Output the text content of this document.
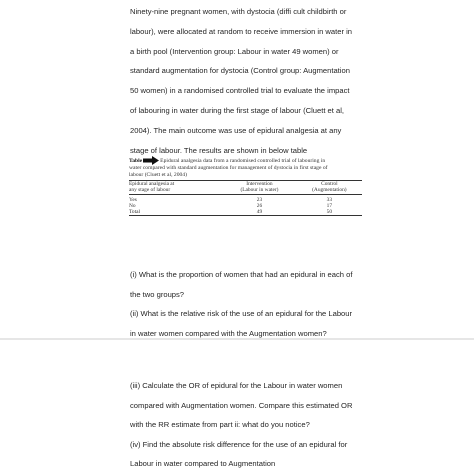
Ninety-nine pregnant women, with dystocia (diffi cult childbirth or
labour), were allocated at random to receive immersion in water in
a birth pool (Intervention group: Labour in water 49 women) or
standard augmentation for dystocia (Control group: Augmentation
50 women) in a randomised controlled trial to evaluate the impact
of labouring in water during the first stage of labour (Cluett et al,
2004). The main outcome was use of epidural analgesia at any
stage of labour. The results are shown in below table
Table	Epidural analgesia data from a randomised controlled trial of labouring in
water compared with standard augmentation for management of dystocia in first stage of
labour (Cluett et al, 2004)
Epidural analgesia at	Intervention	Control
any stage of labour	(Labour in water)	(Augmentation)
Yes	23	33
No	26	17
Total	49	50
(i) What is the proportion of women that had an epidural in each of
the two groups?
(ii) What is the relative risk of the use of an epidural for the Labour
in water women compared with the Augmentation women?
(iii) Calculate the OR of epidural for the Labour in water women
compared with Augmentation women. Compare this estimated OR
with the RR estimate from part ii: what do you notice?
(iv) Find the absolute risk difference for the use of an epidural for
Labour in water compared to Augmentation
